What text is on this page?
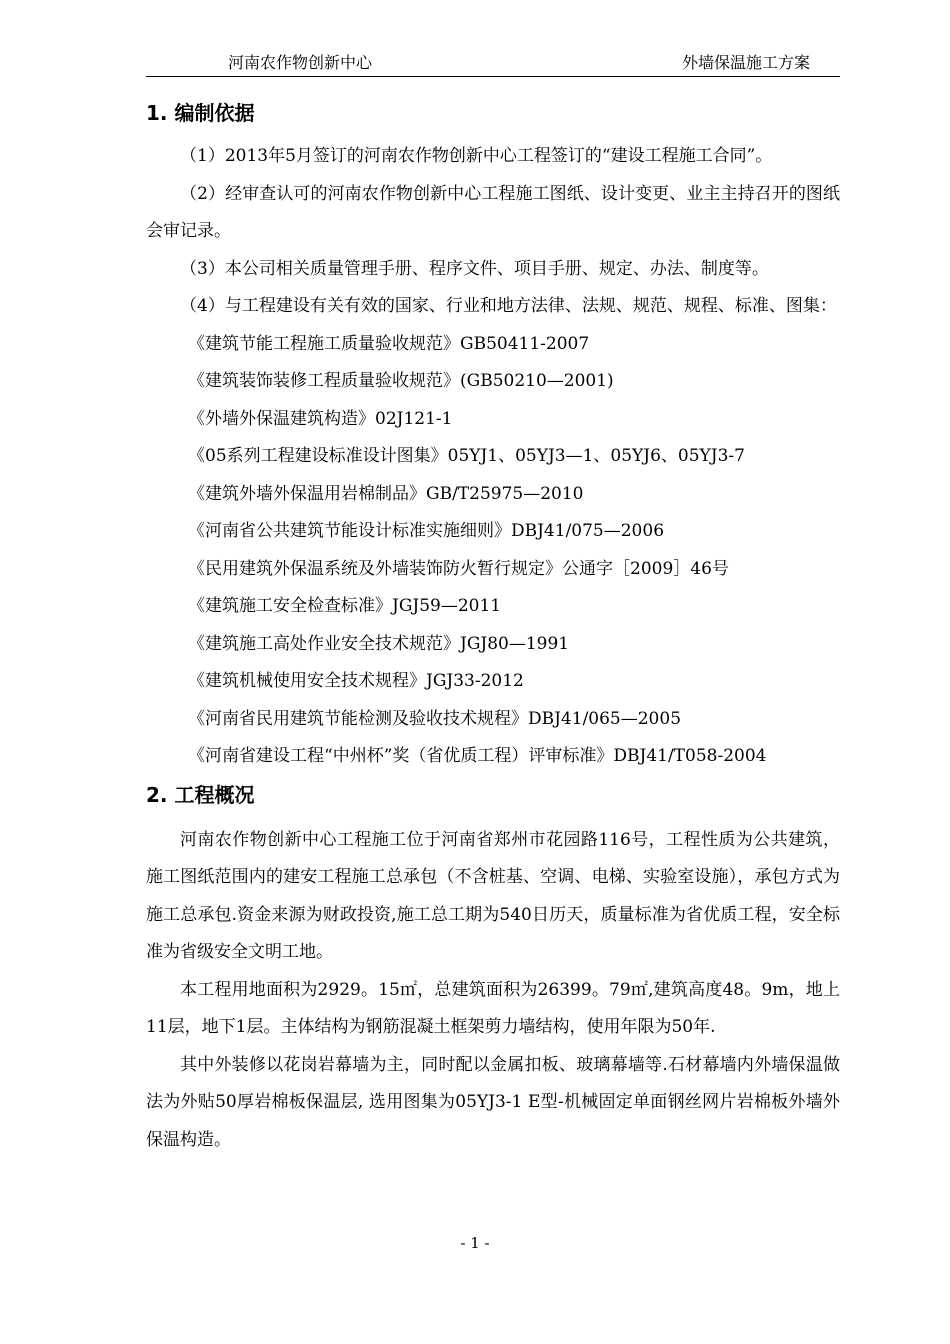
河南农作物创新中心	外墙保温施工方案
1. 编制依据

（1）2013年5月签订的河南农作物创新中心工程签订的“建设工程施工合同”。

（2）经审查认可的河南农作物创新中心工程施工图纸、设计变更、业主主持召开的图纸会审记录。

（3）本公司相关质量管理手册、程序文件、项目手册、规定、办法、制度等。

（4）与工程建设有关有效的国家、行业和地方法律、法规、规范、规程、标准、图集：

《建筑节能工程施工质量验收规范》GB50411-2007

《建筑装饰装修工程质量验收规范》(GB50210—2001)

《外墙外保温建筑构造》02J121-1

《05系列工程建设标准设计图集》05YJ1、05YJ3—1、05YJ6、05YJ3-7

《建筑外墙外保温用岩棉制品》GB/T25975—2010

《河南省公共建筑节能设计标准实施细则》DBJ41/075—2006

《民用建筑外保温系统及外墙装饰防火暂行规定》公通字［2009］46号

《建筑施工安全检查标准》JGJ59—2011

《建筑施工高处作业安全技术规范》JGJ80—1991

《建筑机械使用安全技术规程》JGJ33-2012

《河南省民用建筑节能检测及验收技术规程》DBJ41/065—2005

《河南省建设工程“中州杯”奖（省优质工程）评审标准》DBJ41/T058-2004

2. 工程概况

河南农作物创新中心工程施工位于河南省郑州市花园路116号，工程性质为公共建筑，施工图纸范围内的建安工程施工总承包（不含桩基、空调、电梯、实验室设施），承包方式为施工总承包.资金来源为财政投资,施工总工期为540日历天，质量标准为省优质工程，安全标准为省级安全文明工地。

本工程用地面积为2929。15㎡，总建筑面积为26399。79㎡,建筑高度48。9m，地上11层，地下1层。主体结构为钢筋混凝土框架剪力墙结构，使用年限为50年.

其中外装修以花岗岩幕墙为主，同时配以金属扣板、玻璃幕墙等.石材幕墙内外墙保温做法为外贴50厚岩棉板保温层, 选用图集为05YJ3-1 E型-机械固定单面钢丝网片岩棉板外墙外保温构造。

- 1 -
